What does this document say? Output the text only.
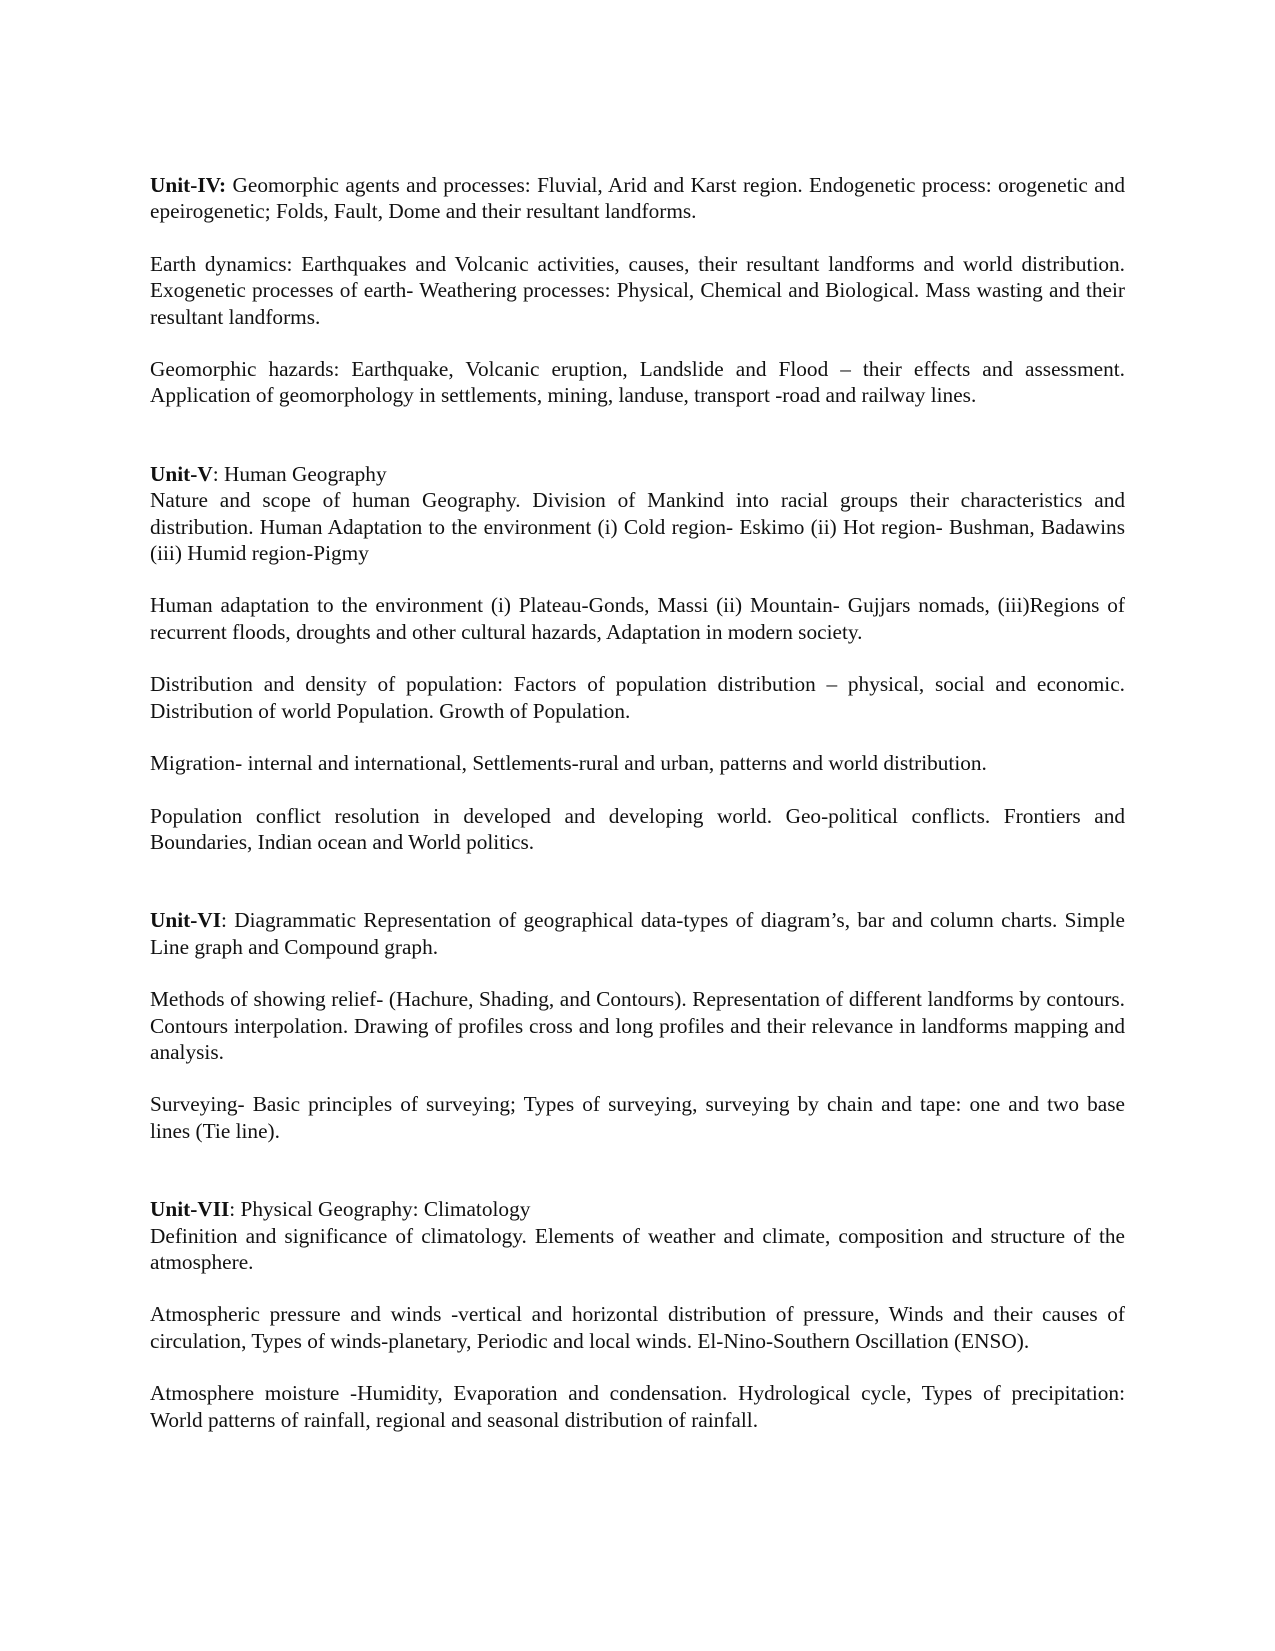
Unit-IV: Geomorphic agents and processes: Fluvial, Arid and Karst region. Endogenetic process: orogenetic and epeirogenetic; Folds, Fault, Dome and their resultant landforms.

Earth dynamics: Earthquakes and Volcanic activities, causes, their resultant landforms and world distribution. Exogenetic processes of earth- Weathering processes: Physical, Chemical and Biological. Mass wasting and their resultant landforms.

Geomorphic hazards: Earthquake, Volcanic eruption, Landslide and Flood – their effects and assessment. Application of geomorphology in settlements, mining, landuse, transport -road and railway lines.

Unit-V: Human Geography

Nature and scope of human Geography. Division of Mankind into racial groups their characteristics and distribution. Human Adaptation to the environment (i) Cold region- Eskimo (ii) Hot region- Bushman, Badawins (iii) Humid region-Pigmy

Human adaptation to the environment (i) Plateau-Gonds, Massi (ii) Mountain- Gujjars nomads, (iii)Regions of recurrent floods, droughts and other cultural hazards, Adaptation in modern society.

Distribution and density of population: Factors of population distribution – physical, social and economic. Distribution of world Population. Growth of Population.

Migration- internal and international, Settlements-rural and urban, patterns and world distribution.

Population conflict resolution in developed and developing world. Geo-political conflicts. Frontiers and Boundaries, Indian ocean and World politics.

Unit-VI: Diagrammatic Representation of geographical data-types of diagram’s, bar and column charts. Simple Line graph and Compound graph.

Methods of showing relief- (Hachure, Shading, and Contours). Representation of different landforms by contours. Contours interpolation. Drawing of profiles cross and long profiles and their relevance in landforms mapping and analysis.

Surveying- Basic principles of surveying; Types of surveying, surveying by chain and tape: one and two base lines (Tie line).

Unit-VII: Physical Geography: Climatology

Definition and significance of climatology. Elements of weather and climate, composition and structure of the atmosphere.

Atmospheric pressure and winds -vertical and horizontal distribution of pressure, Winds and their causes of circulation, Types of winds-planetary, Periodic and local winds. El-Nino-Southern Oscillation (ENSO).

Atmosphere moisture -Humidity, Evaporation and condensation. Hydrological cycle, Types of precipitation: World patterns of rainfall, regional and seasonal distribution of rainfall.
